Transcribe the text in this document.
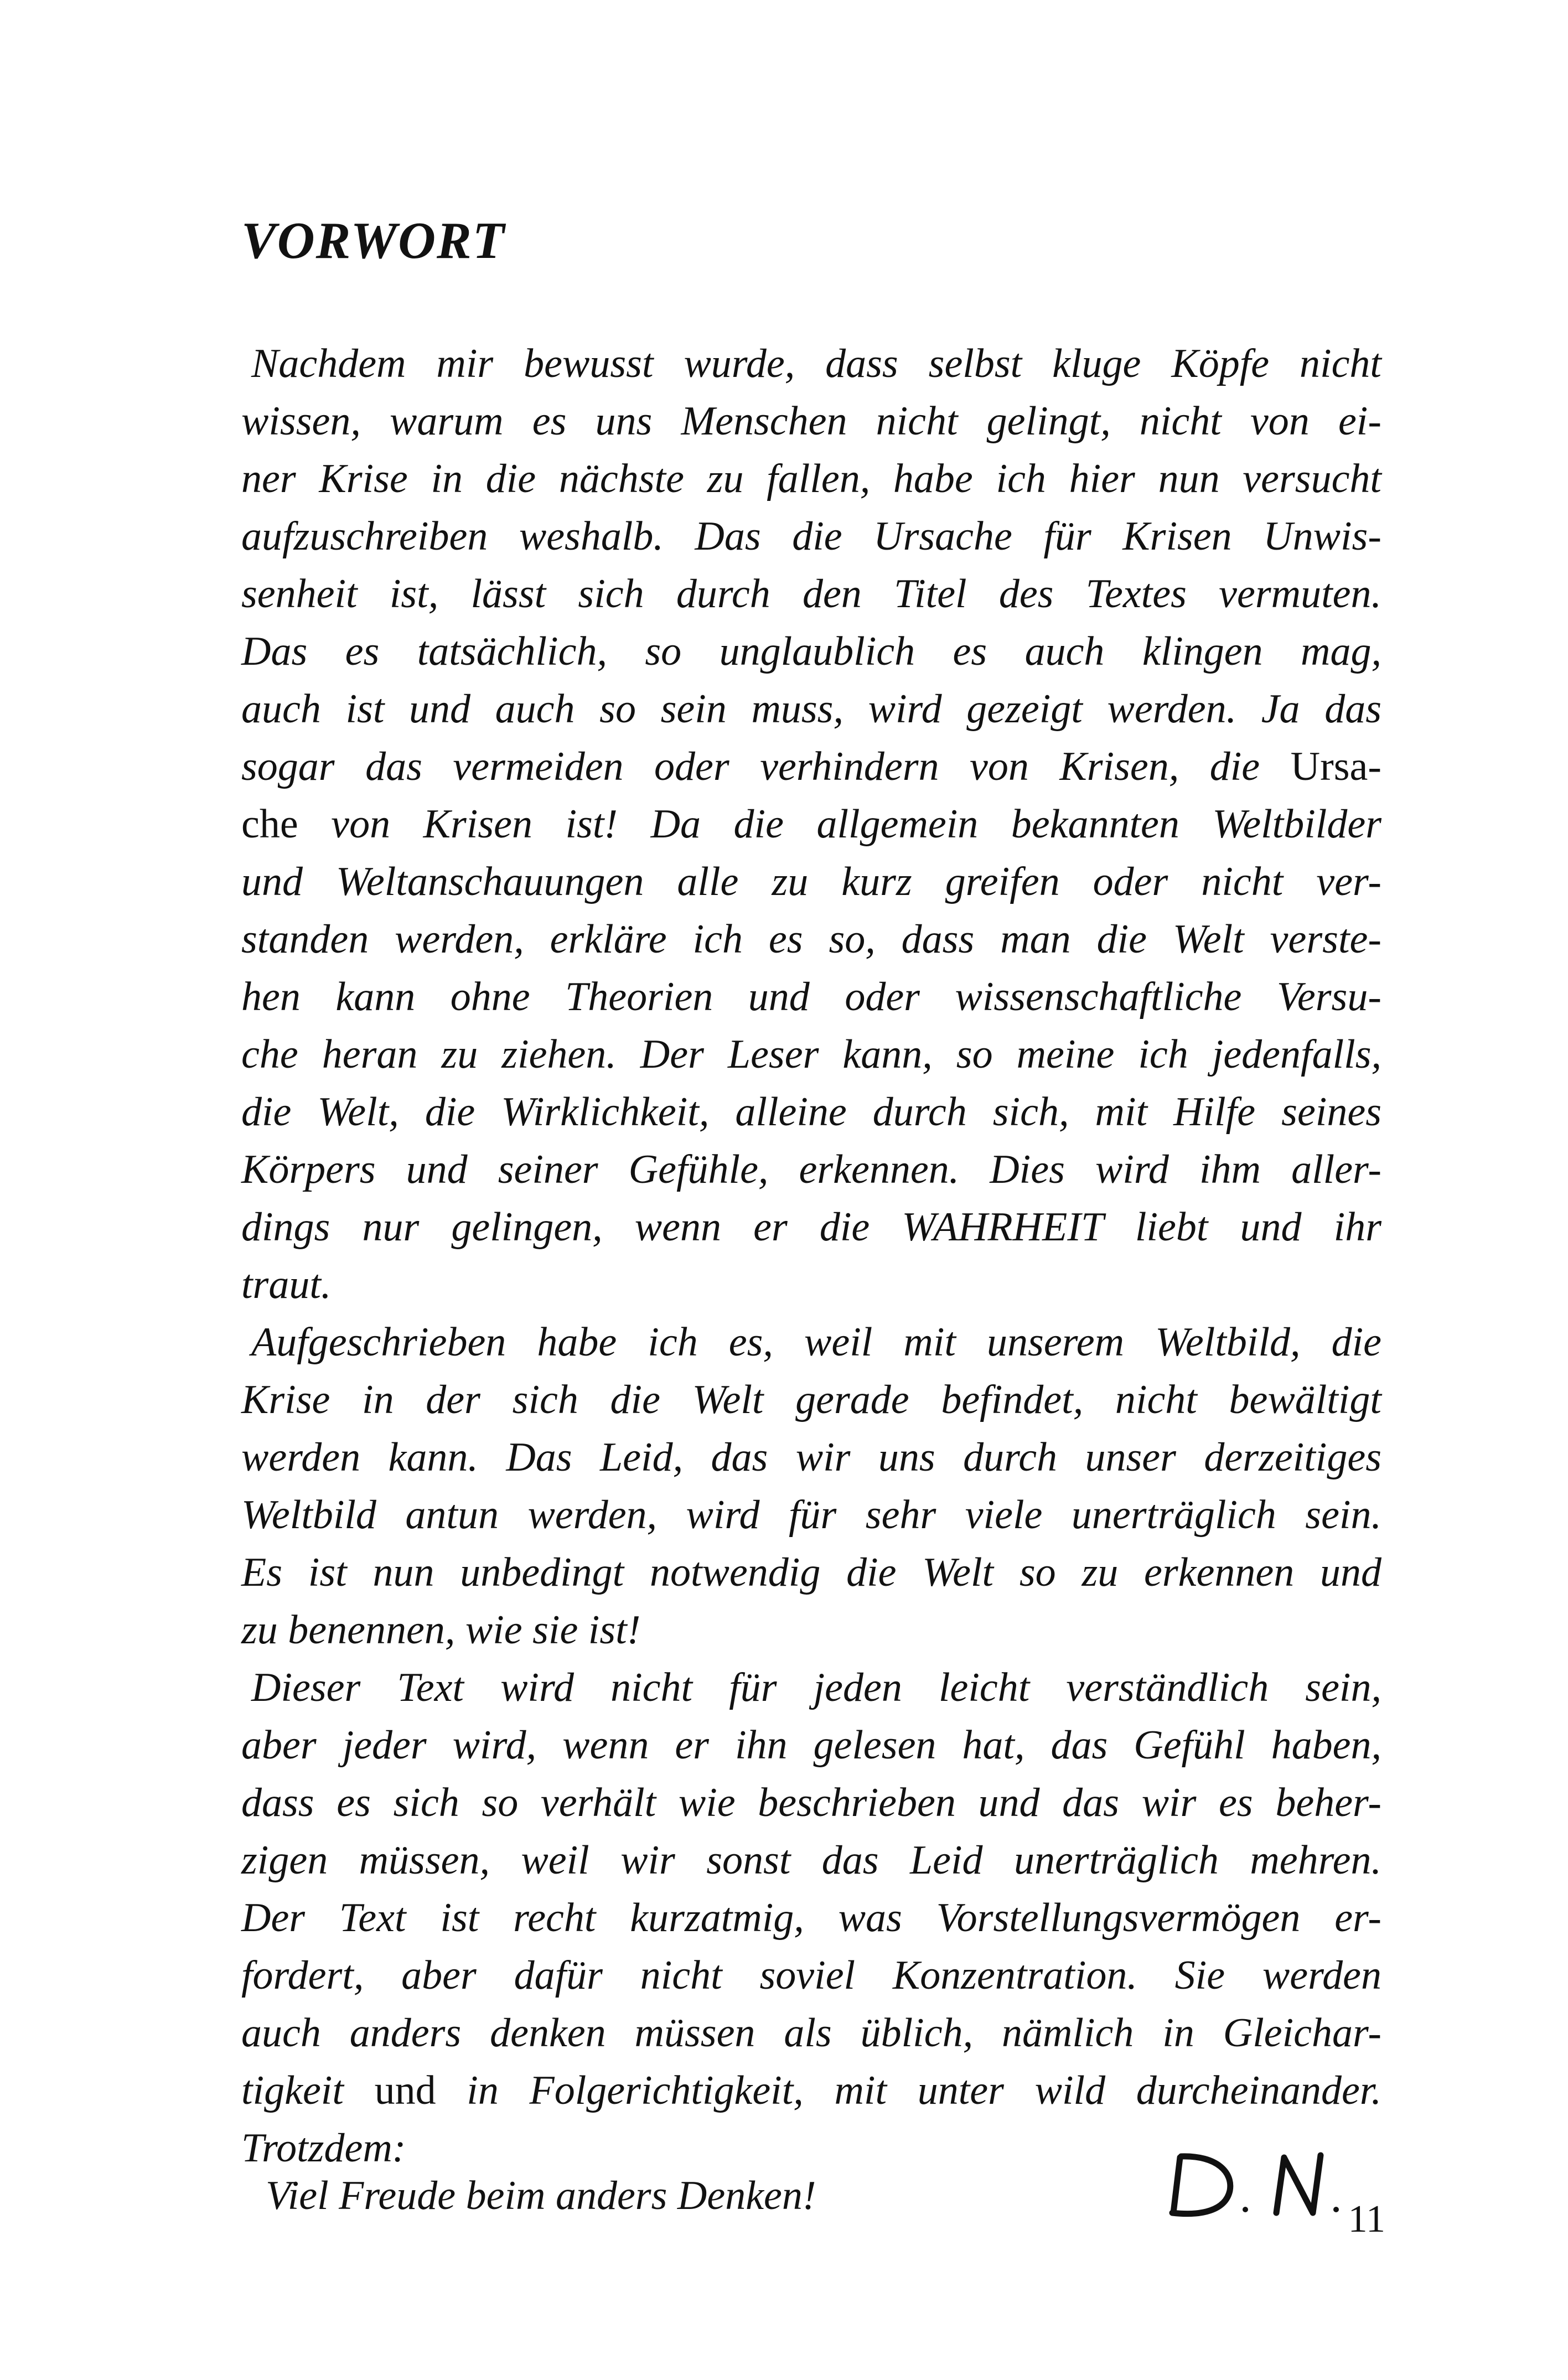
VORWORT
Nachdem mir bewusst wurde, dass selbst kluge Köpfe nicht
wissen, warum es uns Menschen nicht gelingt, nicht von ei-
ner Krise in die nächste zu fallen, habe ich hier nun versucht
aufzuschreiben weshalb. Das die Ursache für Krisen Unwis-
senheit ist, lässt sich durch den Titel des Textes vermuten.
Das es tatsächlich, so unglaublich es auch klingen mag,
auch ist und auch so sein muss, wird gezeigt werden. Ja das
sogar das vermeiden oder verhindern von Krisen, die Ursa-
che von Krisen ist! Da die allgemein bekannten Weltbilder
und Weltanschauungen alle zu kurz greifen oder nicht ver-
standen werden, erkläre ich es so, dass man die Welt verste-
hen kann ohne Theorien und oder wissenschaftliche Versu-
che heran zu ziehen. Der Leser kann, so meine ich jedenfalls,
die Welt, die Wirklichkeit, alleine durch sich, mit Hilfe seines
Körpers und seiner Gefühle, erkennen. Dies wird ihm aller-
dings nur gelingen, wenn er die WAHRHEIT liebt und ihr
traut.
Aufgeschrieben habe ich es, weil mit unserem Weltbild, die
Krise in der sich die Welt gerade befindet, nicht bewältigt
werden kann. Das Leid, das wir uns durch unser derzeitiges
Weltbild antun werden, wird für sehr viele unerträglich sein.
Es ist nun unbedingt notwendig die Welt so zu erkennen und
zu benennen, wie sie ist!
Dieser Text wird nicht für jeden leicht verständlich sein,
aber jeder wird, wenn er ihn gelesen hat, das Gefühl haben,
dass es sich so verhält wie beschrieben und das wir es beher-
zigen müssen, weil wir sonst das Leid unerträglich mehren.
Der Text ist recht kurzatmig, was Vorstellungsvermögen er-
fordert, aber dafür nicht soviel Konzentration. Sie werden
auch anders denken müssen als üblich, nämlich in Gleichar-
tigkeit und in Folgerichtigkeit, mit unter wild durcheinander.
Trotzdem:

Viel Freude beim anders Denken!

11
